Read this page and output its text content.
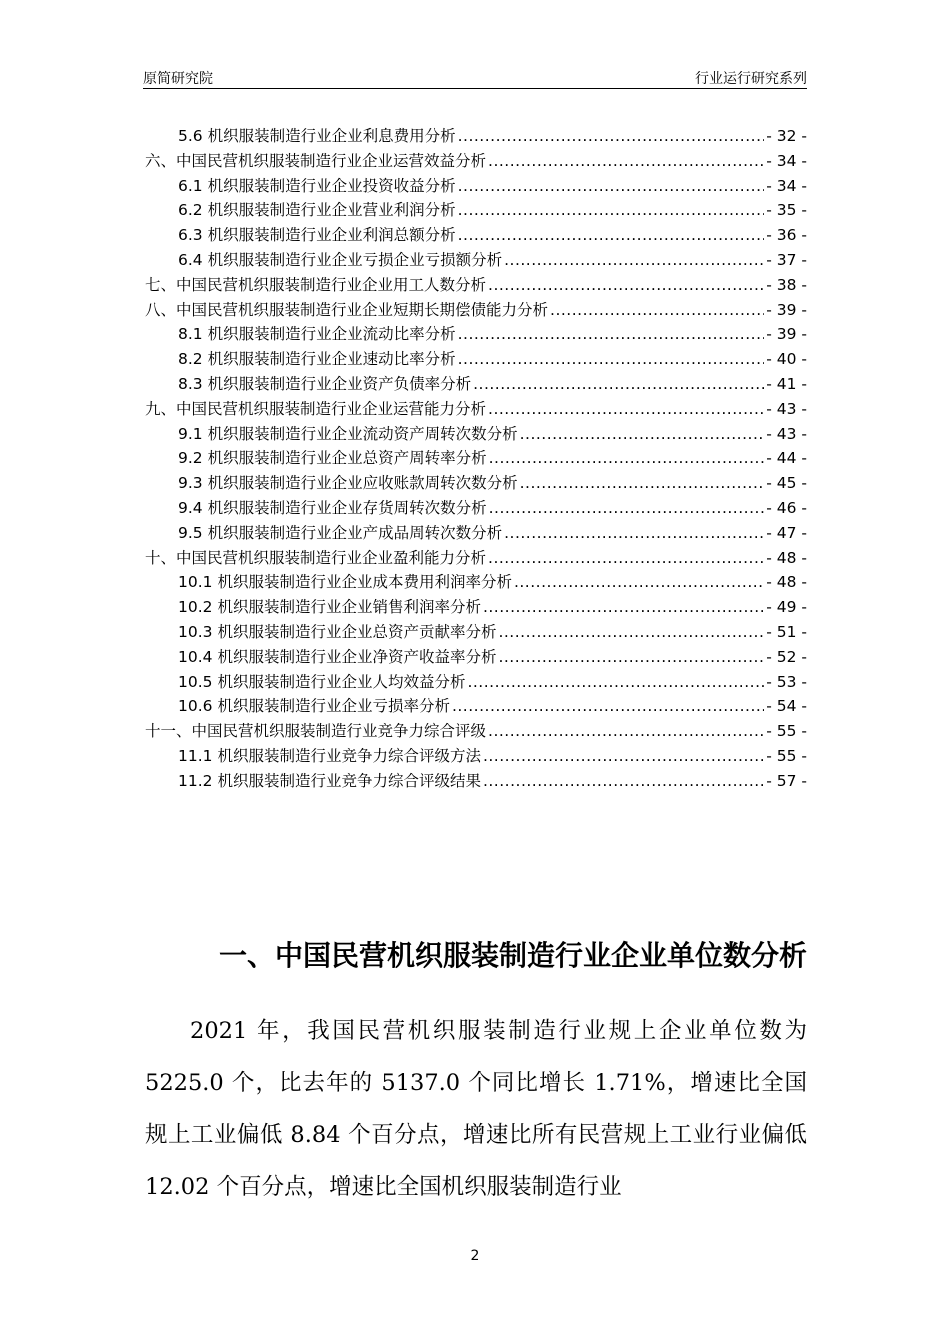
原简研究院	行业运行研究系列
5.6 机织服装制造行业企业利息费用分析 .....	- 32 -
六、中国民营机织服装制造行业企业运营效益分析 .....	- 34 -
6.1 机织服装制造行业企业投资收益分析 .....	- 34 -
6.2 机织服装制造行业企业营业利润分析 .....	- 35 -
6.3 机织服装制造行业企业利润总额分析 .....	- 36 -
6.4 机织服装制造行业企业亏损企业亏损额分析 .....	- 37 -
七、中国民营机织服装制造行业企业用工人数分析 .....	- 38 -
八、中国民营机织服装制造行业企业短期长期偿债能力分析 .....	- 39 -
8.1 机织服装制造行业企业流动比率分析 .....	- 39 -
8.2 机织服装制造行业企业速动比率分析 .....	- 40 -
8.3 机织服装制造行业企业资产负债率分析 .....	- 41 -
九、中国民营机织服装制造行业企业运营能力分析 .....	- 43 -
9.1 机织服装制造行业企业流动资产周转次数分析 .....	- 43 -
9.2 机织服装制造行业企业总资产周转率分析 .....	- 44 -
9.3 机织服装制造行业企业应收账款周转次数分析 .....	- 45 -
9.4 机织服装制造行业企业存货周转次数分析 .....	- 46 -
9.5 机织服装制造行业企业产成品周转次数分析 .....	- 47 -
十、中国民营机织服装制造行业企业盈利能力分析 .....	- 48 -
10.1 机织服装制造行业企业成本费用利润率分析 .....	- 48 -
10.2 机织服装制造行业企业销售利润率分析 .....	- 49 -
10.3 机织服装制造行业企业总资产贡献率分析 .....	- 51 -
10.4 机织服装制造行业企业净资产收益率分析 .....	- 52 -
10.5 机织服装制造行业企业人均效益分析 .....	- 53 -
10.6 机织服装制造行业企业亏损率分析 .....	- 54 -
十一、中国民营机织服装制造行业竞争力综合评级 .....	- 55 -
11.1 机织服装制造行业竞争力综合评级方法 .....	- 55 -
11.2 机织服装制造行业竞争力综合评级结果 .....	- 57 -
一、中国民营机织服装制造行业企业单位数分析

2021 年，我国民营机织服装制造行业规上企业单位数为 5225.0 个，比去年的 5137.0 个同比增长 1.71%，增速比全国规上工业偏低 8.84 个百分点，增速比所有民营规上工业行业偏低 12.02 个百分点，增速比全国机织服装制造行业

2
